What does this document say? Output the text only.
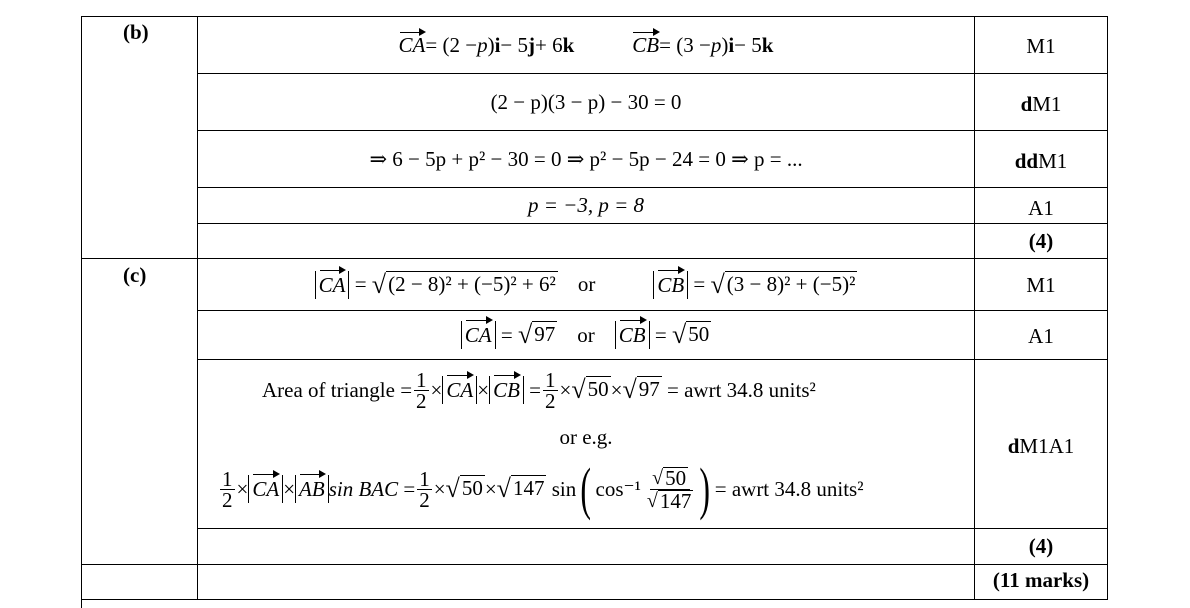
(b)
(c)
CA = (2 − p ) i − 5 j + 6 k	CB = (3 − p ) i − 5 k
(2 − p)(3 − p) − 30 = 0
⇒ 6 − 5p + p² − 30 = 0 ⇒ p² − 5p − 24 = 0 ⇒ p = ...
p = −3, p = 8
CA = √ (2 − 8)² + (−5)² + 6² or	CB = √ (3 − 8)² + (−5)²
CA = √ 97 or CB = √ 50
Area of triangle = $\frac{1}{2}$ × CA × CB = $\frac{1}{2}$ × √ 50 × √ 97
= awrt 34.8 units²
or e.g.
$\frac{1}{2}$ × CA × AB sin BAC = $\frac{1}{2}$ × √ 50 × √ 147
sin ( $\cos^{-1} \frac{√ 50}{√ 147}$ ) = awrt 34.8 units²
M1
dM1
ddM1
A1
(4)
M1
A1
dM1A1
(4)
(11 marks)
